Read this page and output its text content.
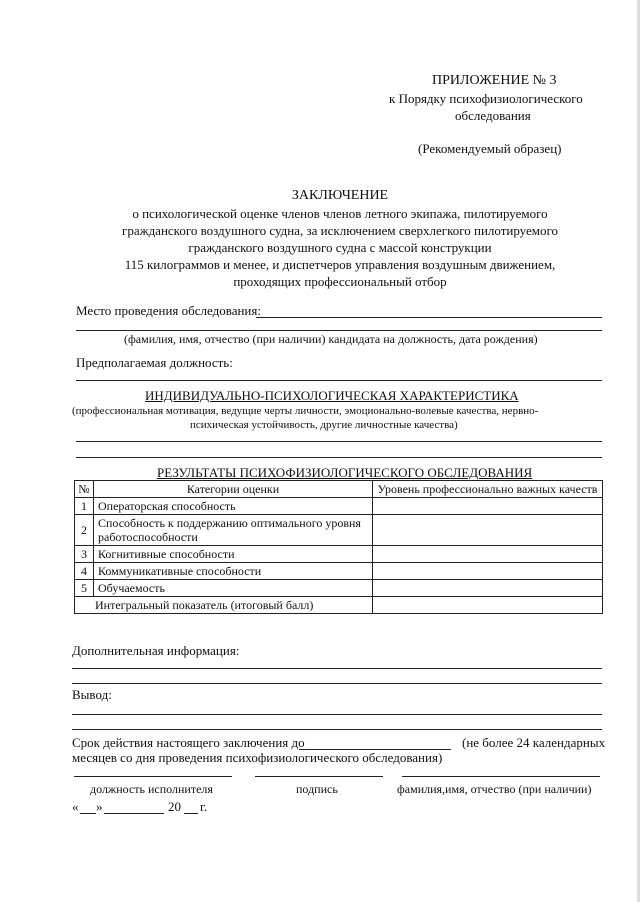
ПРИЛОЖЕНИЕ № 3
к Порядку психофизиологического
обследования
(Рекомендуемый образец)
ЗАКЛЮЧЕНИЕ
о психологической оценке членов членов летного экипажа, пилотируемого
гражданского воздушного судна, за исключением сверхлегкого пилотируемого
гражданского воздушного судна с массой конструкции
115 килограммов и менее, и диспетчеров управления воздушным движением,
проходящих профессиональный отбор
Место проведения обследования:
(фамилия, имя, отчество (при наличии) кандидата на должность, дата рождения)
Предполагаемая должность:
ИНДИВИДУАЛЬНО-ПСИХОЛОГИЧЕСКАЯ ХАРАКТЕРИСТИКА
(профессиональная мотивация, ведущие черты личности, эмоционально-волевые качества, нервно-
психическая устойчивость, другие личностные качества)
РЕЗУЛЬТАТЫ ПСИХОФИЗИОЛОГИЧЕСКОГО ОБСЛЕДОВАНИЯ
№	Категории оценки	Уровень профессионально важных качеств
1	Операторская способность	
2	Способность к поддержанию оптимального уровня работоспособности	
3	Когнитивные способности	
4	Коммуникативные способности	
5	Обучаемость	
Интегральный показатель (итоговый балл)		
Дополнительная информация:
Вывод:
Срок действия настоящего заключения до	(не более 24 календарных
месяцев со дня проведения психофизиологического обследования)
должность исполнителя	подпись	фамилия,имя, отчество (при наличии)
« »	20 г.
